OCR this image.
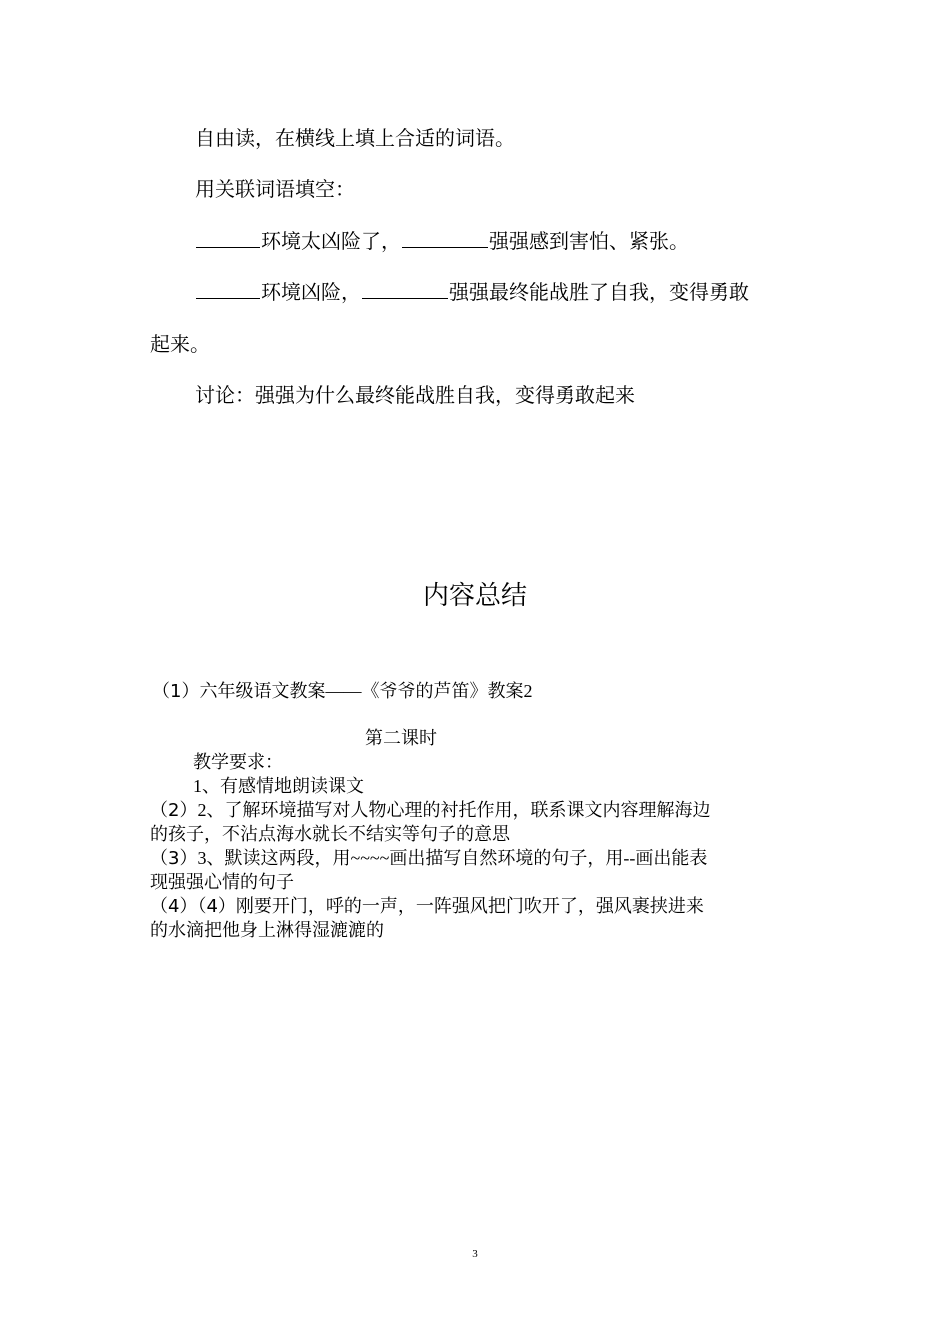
自由读，在横线上填上合适的词语。
用关联词语填空：
环境太凶险了，	强强感到害怕、紧张。
环境凶险，	强强最终能战胜了自我，变得勇敢
起来。
讨论：强强为什么最终能战胜自我，变得勇敢起来
内容总结
（1）六年级语文教案——《爷爷的芦笛》教案2
第二课时
教学要求：
1、有感情地朗读课文
（2）2、了解环境描写对人物心理的衬托作用，联系课文内容理解海边
的孩子，不沾点海水就长不结实等句子的意思
（3）3、默读这两段，用~~~~画出描写自然环境的句子，用--画出能表
现强强心情的句子
（4）（4）刚要开门，呼的一声，一阵强风把门吹开了，强风裹挟进来
的水滴把他身上淋得湿漉漉的
3
